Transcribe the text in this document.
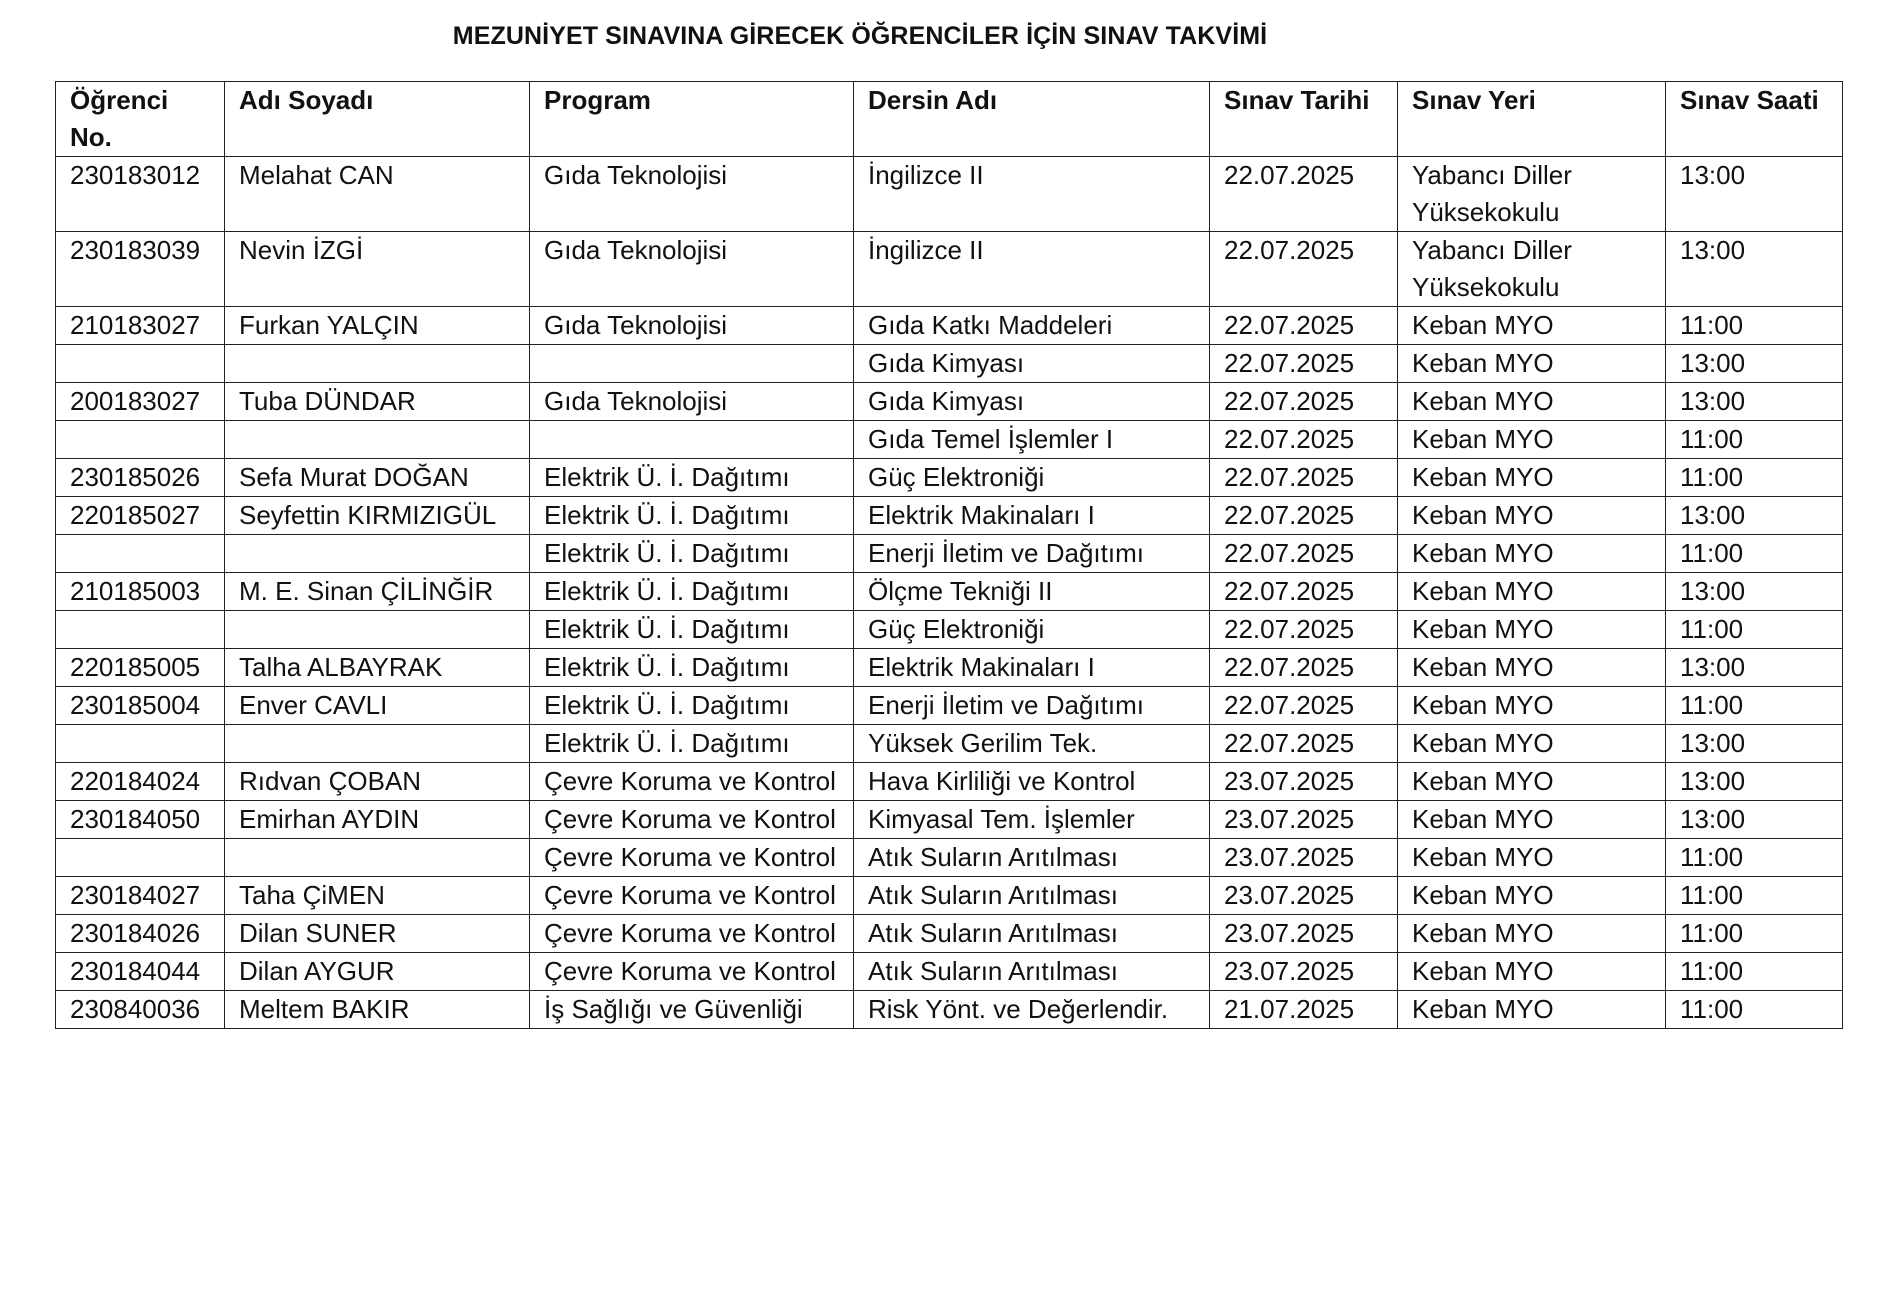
MEZUNİYET SINAVINA GİRECEK ÖĞRENCİLER İÇİN SINAV TAKVİMİ
Öğrenci No.	Adı Soyadı	Program	Dersin Adı	Sınav Tarihi	Sınav Yeri	Sınav Saati
230183012	Melahat CAN	Gıda Teknolojisi	İngilizce II	22.07.2025	Yabancı Diller Yüksekokulu	13:00
230183039	Nevin İZGİ	Gıda Teknolojisi	İngilizce II	22.07.2025	Yabancı Diller Yüksekokulu	13:00
210183027	Furkan YALÇIN	Gıda Teknolojisi	Gıda Katkı Maddeleri	22.07.2025	Keban MYO	11:00
			Gıda Kimyası	22.07.2025	Keban MYO	13:00
200183027	Tuba DÜNDAR	Gıda Teknolojisi	Gıda Kimyası	22.07.2025	Keban MYO	13:00
			Gıda Temel İşlemler I	22.07.2025	Keban MYO	11:00
230185026	Sefa Murat DOĞAN	Elektrik Ü. İ. Dağıtımı	Güç Elektroniği	22.07.2025	Keban MYO	11:00
220185027	Seyfettin KIRMIZIGÜL	Elektrik Ü. İ. Dağıtımı	Elektrik Makinaları I	22.07.2025	Keban MYO	13:00
		Elektrik Ü. İ. Dağıtımı	Enerji İletim ve Dağıtımı	22.07.2025	Keban MYO	11:00
210185003	M. E. Sinan ÇİLİNĞİR	Elektrik Ü. İ. Dağıtımı	Ölçme Tekniği II	22.07.2025	Keban MYO	13:00
		Elektrik Ü. İ. Dağıtımı	Güç Elektroniği	22.07.2025	Keban MYO	11:00
220185005	Talha ALBAYRAK	Elektrik Ü. İ. Dağıtımı	Elektrik Makinaları I	22.07.2025	Keban MYO	13:00
230185004	Enver CAVLI	Elektrik Ü. İ. Dağıtımı	Enerji İletim ve Dağıtımı	22.07.2025	Keban MYO	11:00
		Elektrik Ü. İ. Dağıtımı	Yüksek Gerilim Tek.	22.07.2025	Keban MYO	13:00
220184024	Rıdvan ÇOBAN	Çevre Koruma ve Kontrol	Hava Kirliliği ve Kontrol	23.07.2025	Keban MYO	13:00
230184050	Emirhan AYDIN	Çevre Koruma ve Kontrol	Kimyasal Tem. İşlemler	23.07.2025	Keban MYO	13:00
		Çevre Koruma ve Kontrol	Atık Suların Arıtılması	23.07.2025	Keban MYO	11:00
230184027	Taha ÇiMEN	Çevre Koruma ve Kontrol	Atık Suların Arıtılması	23.07.2025	Keban MYO	11:00
230184026	Dilan SUNER	Çevre Koruma ve Kontrol	Atık Suların Arıtılması	23.07.2025	Keban MYO	11:00
230184044	Dilan AYGUR	Çevre Koruma ve Kontrol	Atık Suların Arıtılması	23.07.2025	Keban MYO	11:00
230840036	Meltem BAKIR	İş Sağlığı ve Güvenliği	Risk Yönt. ve Değerlendir.	21.07.2025	Keban MYO	11:00
